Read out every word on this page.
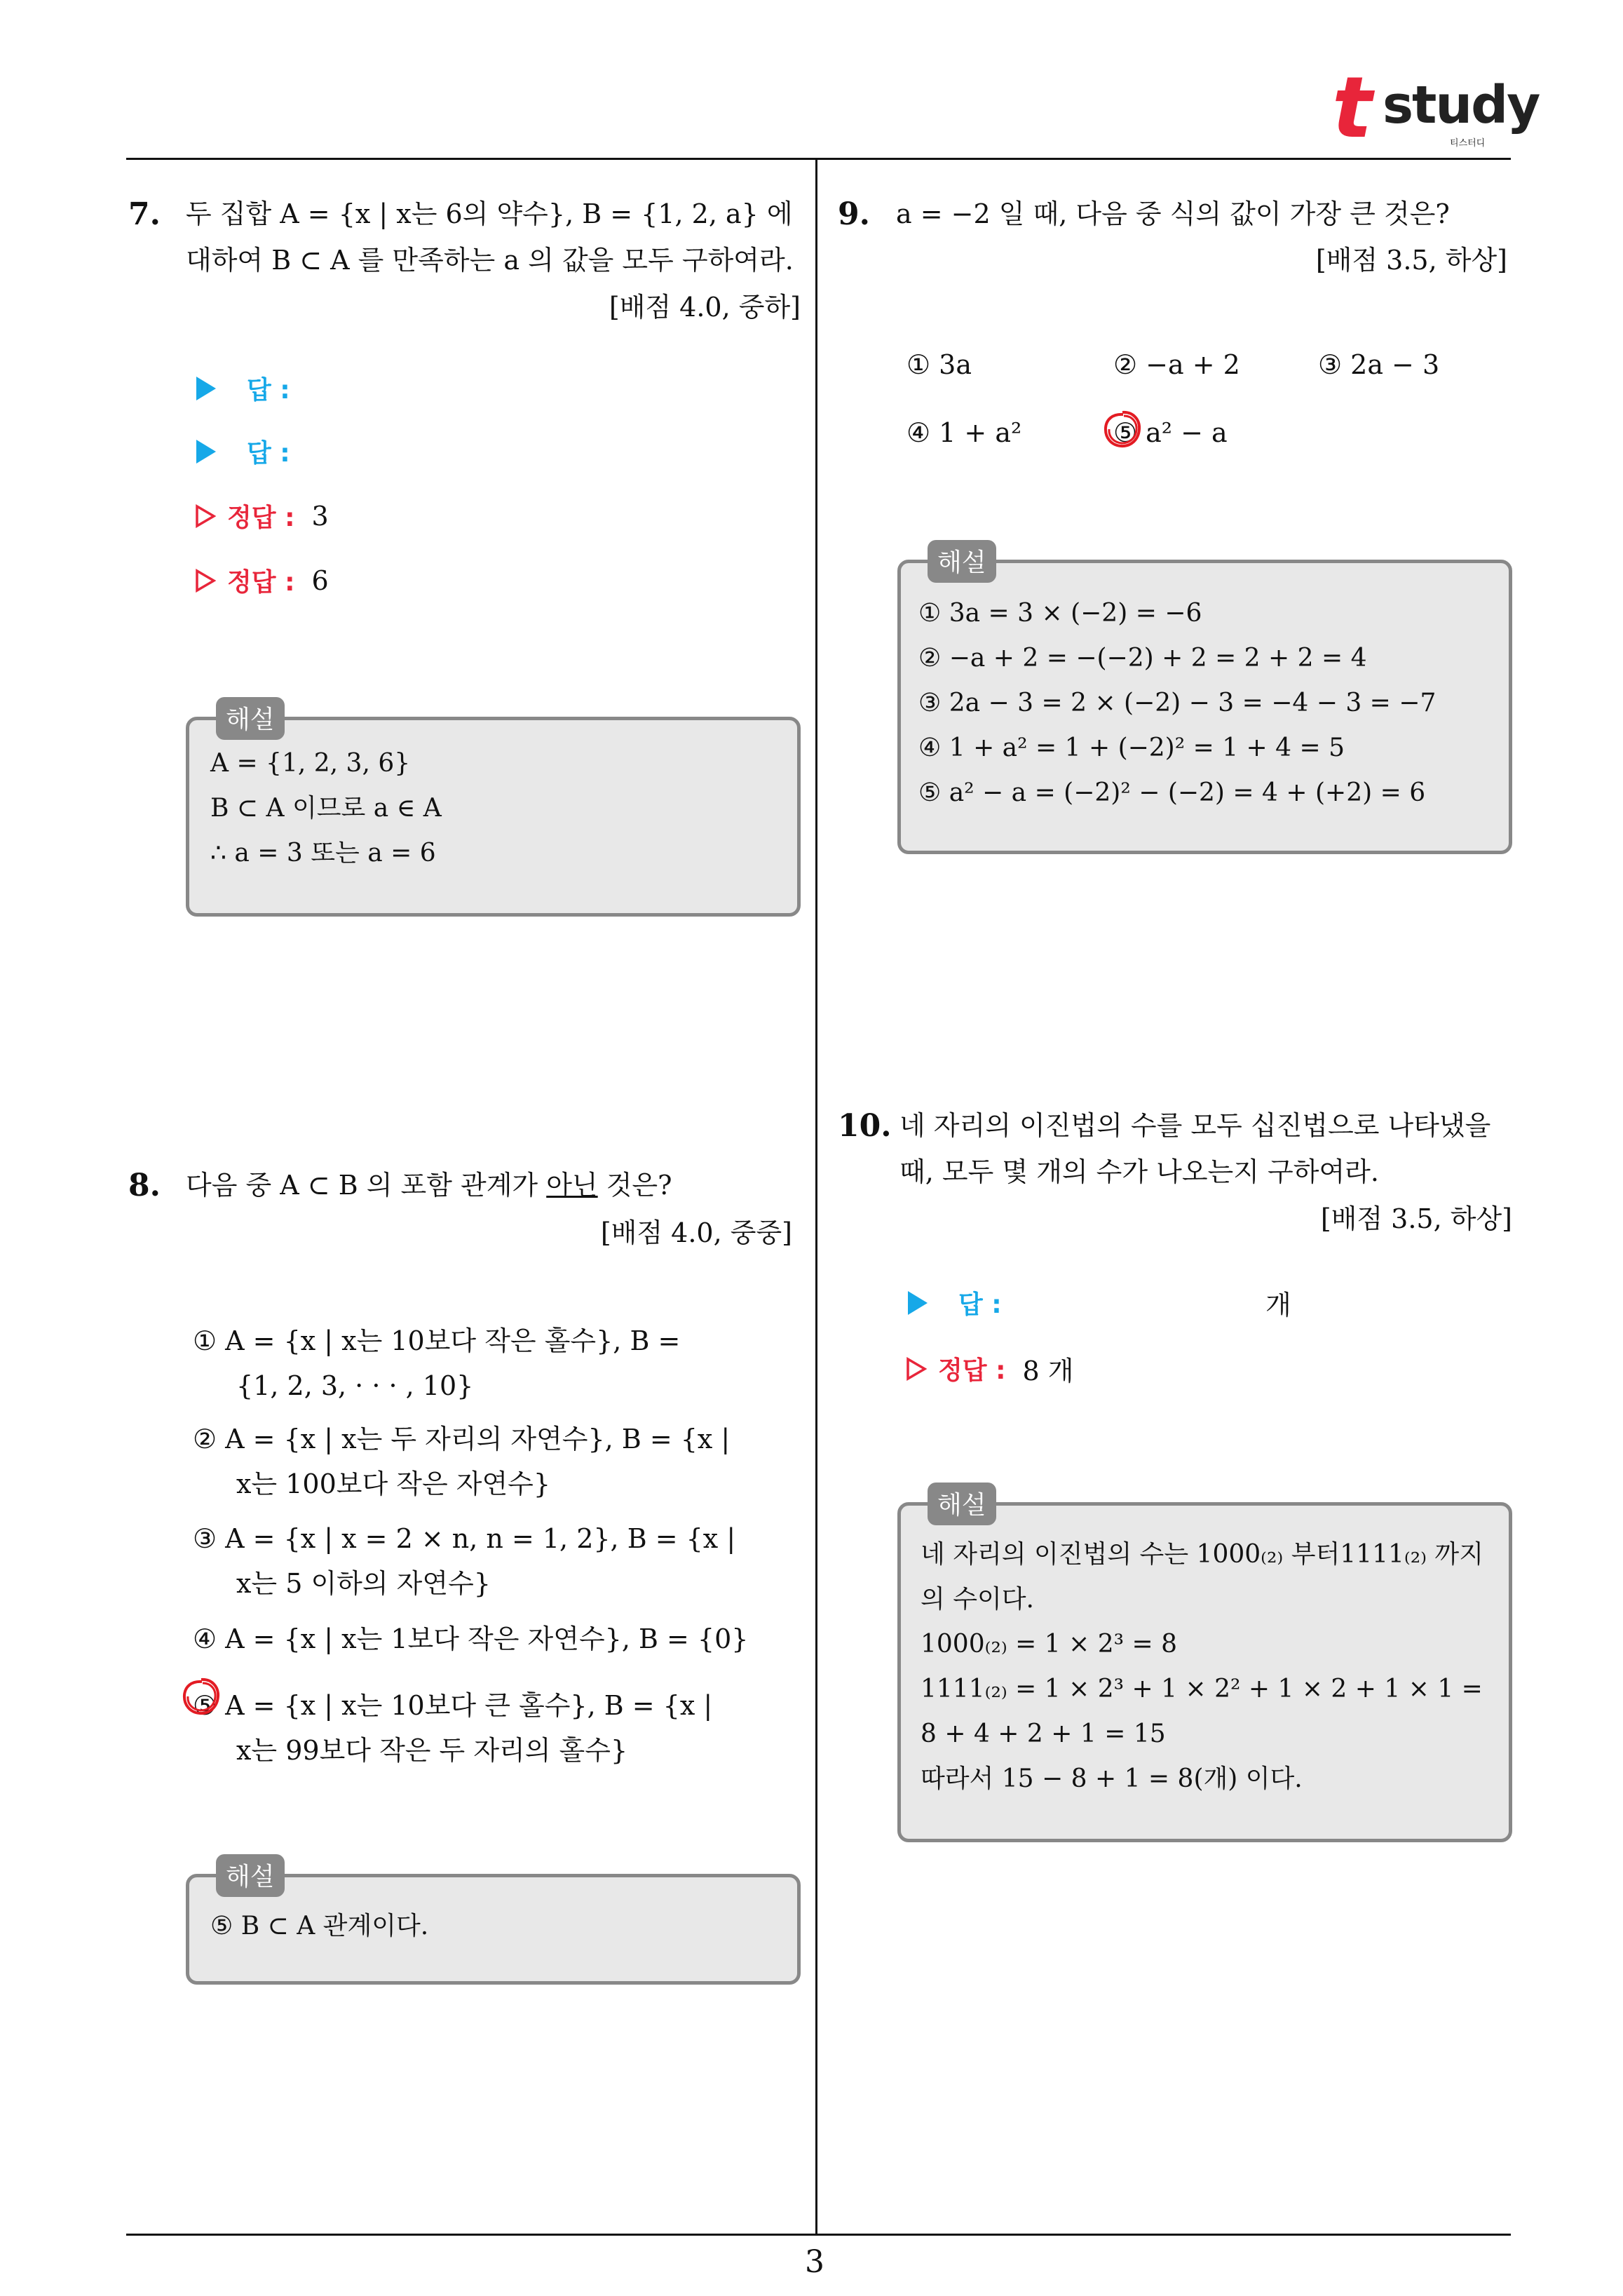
t study
티스터디
7. 두 집합 A = {x | x는 6의 약수}, B = {1, 2, a} 에
대하여 B ⊂ A 를 만족하는 a 의 값을 모두 구하여라.
[배점 4.0, 중하]
답 :
답 :
정답 : 3
정답 : 6
해설
A = {1, 2, 3, 6}
B ⊂ A 이므로 a ∈ A
∴ a = 3 또는 a = 6
8. 다음 중 A ⊂ B 의 포함 관계가 아닌 것은?
[배점 4.0, 중중]
① A = {x | x는 10보다 작은 홀수}, B =
{1, 2, 3, · · · , 10}
② A = {x | x는 두 자리의 자연수}, B = {x |
x는 100보다 작은 자연수}
③ A = {x | x = 2 × n, n = 1, 2}, B = {x |
x는 5 이하의 자연수}
④ A = {x | x는 1보다 작은 자연수}, B = {0}
⑤ A = {x | x는 10보다 큰 홀수}, B = {x |
x는 99보다 작은 두 자리의 홀수}
해설
⑤ B ⊂ A 관계이다.
9. a = −2 일 때, 다음 중 식의 값이 가장 큰 것은?
[배점 3.5, 하상]
① 3a	② −a + 2	③ 2a − 3
④ 1 + a²	⑤ a² − a
해설
① 3a = 3 × (−2) = −6
② −a + 2 = −(−2) + 2 = 2 + 2 = 4
③ 2a − 3 = 2 × (−2) − 3 = −4 − 3 = −7
④ 1 + a² = 1 + (−2)² = 1 + 4 = 5
⑤ a² − a = (−2)² − (−2) = 4 + (+2) = 6
10. 네 자리의 이진법의 수를 모두 십진법으로 나타냈을
때, 모두 몇 개의 수가 나오는지 구하여라.
[배점 3.5, 하상]
답 :	개
정답 : 8 개
해설
네 자리의 이진법의 수는 1000₍₂₎ 부터1111₍₂₎ 까지
의 수이다.
1000₍₂₎ = 1 × 2³ = 8
1111₍₂₎ = 1 × 2³ + 1 × 2² + 1 × 2 + 1 × 1 =
8 + 4 + 2 + 1 = 15
따라서 15 − 8 + 1 = 8(개) 이다.
3
